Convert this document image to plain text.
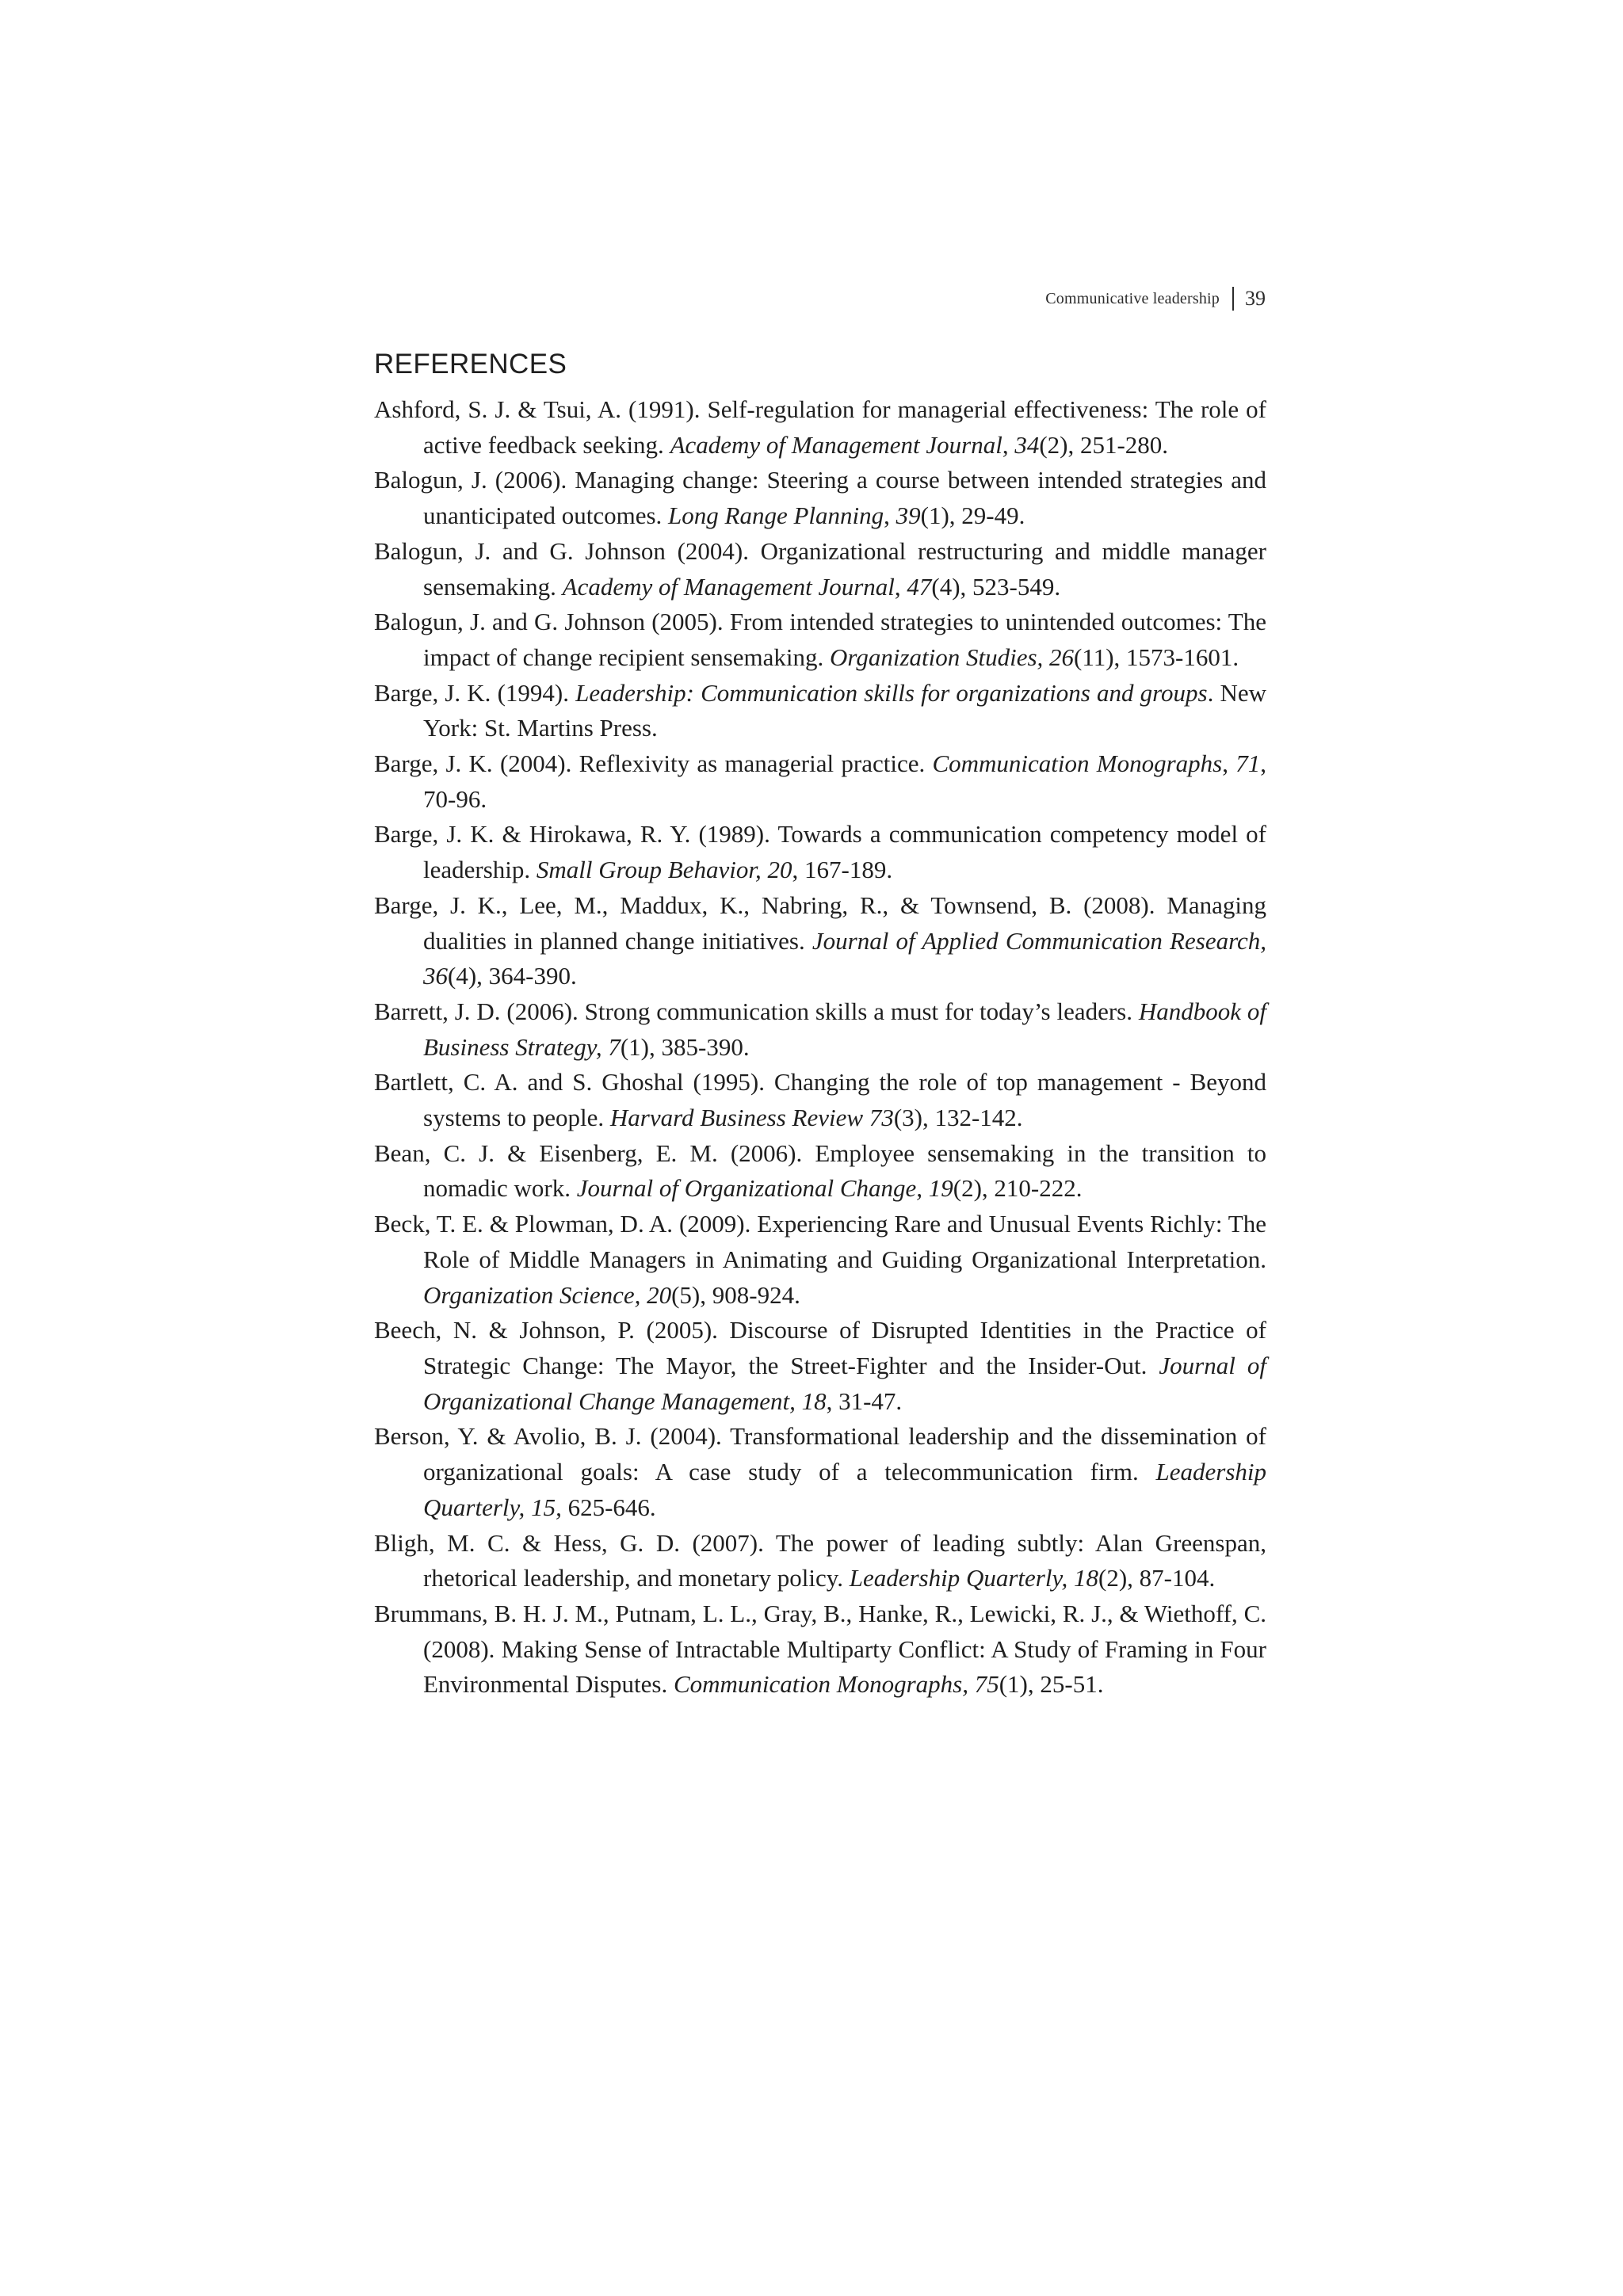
Communicative leadership 39
REFERENCES
Ashford, S. J. & Tsui, A. (1991). Self-regulation for managerial effectiveness: The role of active feedback seeking. Academy of Management Journal, 34(2), 251-280.
Balogun, J. (2006). Managing change: Steering a course between intended strategies and unanticipated outcomes. Long Range Planning, 39(1), 29-49.
Balogun, J. and G. Johnson (2004). Organizational restructuring and middle manager sensemaking. Academy of Management Journal, 47(4), 523-549.
Balogun, J. and G. Johnson (2005). From intended strategies to unintended outcomes: The impact of change recipient sensemaking. Organization Studies, 26(11), 1573-1601.
Barge, J. K. (1994). Leadership: Communication skills for organizations and groups. New York: St. Martins Press.
Barge, J. K. (2004). Reflexivity as managerial practice. Communication Monographs, 71, 70-96.
Barge, J. K. & Hirokawa, R. Y. (1989). Towards a communication competency model of leadership. Small Group Behavior, 20, 167-189.
Barge, J. K., Lee, M., Maddux, K., Nabring, R., & Townsend, B. (2008). Managing dualities in planned change initiatives. Journal of Applied Communication Research, 36(4), 364-390.
Barrett, J. D. (2006). Strong communication skills a must for today’s leaders. Handbook of Business Strategy, 7(1), 385-390.
Bartlett, C. A. and S. Ghoshal (1995). Changing the role of top management - Beyond systems to people. Harvard Business Review 73(3), 132-142.
Bean, C. J. & Eisenberg, E. M. (2006). Employee sensemaking in the transition to nomadic work. Journal of Organizational Change, 19(2), 210-222.
Beck, T. E. & Plowman, D. A. (2009). Experiencing Rare and Unusual Events Richly: The Role of Middle Managers in Animating and Guiding Organizational Interpretation. Organization Science, 20(5), 908-924.
Beech, N. & Johnson, P. (2005). Discourse of Disrupted Identities in the Practice of Strategic Change: The Mayor, the Street-Fighter and the Insider-Out. Journal of Organizational Change Management, 18, 31-47.
Berson, Y. & Avolio, B. J. (2004). Transformational leadership and the dissemination of organizational goals: A case study of a telecommunication firm. Leadership Quarterly, 15, 625-646.
Bligh, M. C. & Hess, G. D. (2007). The power of leading subtly: Alan Greenspan, rhetorical leadership, and monetary policy. Leadership Quarterly, 18(2), 87-104.
Brummans, B. H. J. M., Putnam, L. L., Gray, B., Hanke, R., Lewicki, R. J., & Wiethoff, C. (2008). Making Sense of Intractable Multiparty Conflict: A Study of Framing in Four Environmental Disputes. Communication Monographs, 75(1), 25-51.
